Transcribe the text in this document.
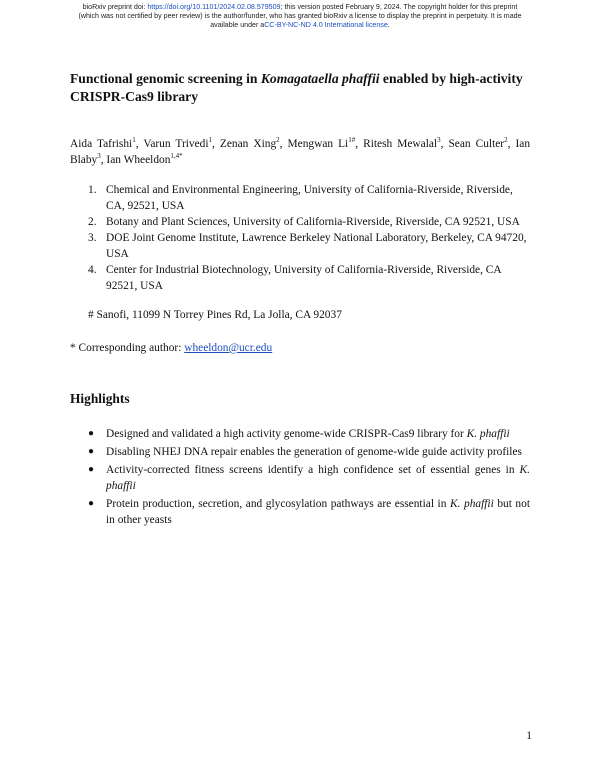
bioRxiv preprint doi: https://doi.org/10.1101/2024.02.08.579509; this version posted February 9, 2024. The copyright holder for this preprint
(which was not certified by peer review) is the author/funder, who has granted bioRxiv a license to display the preprint in perpetuity. It is made
available under aCC-BY-NC-ND 4.0 International license.
Functional genomic screening in Komagataella phaffii enabled by high-activity CRISPR-Cas9 library

Aida Tafrishi$^1$, Varun Trivedi$^1$, Zenan Xing$^2$, Mengwan $Li^{1\#}$, Ritesh Mewalal$^3$, Sean Culter$^2$, Ian Blaby$^3$, Ian Wheeldon$^{1,4*}$

1. Chemical and Environmental Engineering, University of California-Riverside, Riverside, CA, 92521, USA
2. Botany and Plant Sciences, University of California-Riverside, Riverside, CA 92521, USA
3. DOE Joint Genome Institute, Lawrence Berkeley National Laboratory, Berkeley, CA 94720, USA
4. Center for Industrial Biotechnology, University of California-Riverside, Riverside, CA 92521, USA

# Sanofi, 11099 N Torrey Pines Rd, La Jolla, CA 92037

* Corresponding author: wheeldon@ucr.edu

Highlights
● Designed and validated a high activity genome-wide CRISPR-Cas9 library for K. phaffii
● Disabling NHEJ DNA repair enables the generation of genome-wide guide activity profiles
● Activity-corrected fitness screens identify a high confidence set of essential genes in K. phaffii
● Protein production, secretion, and glycosylation pathways are essential in K. phaffii but not in other yeasts
1
